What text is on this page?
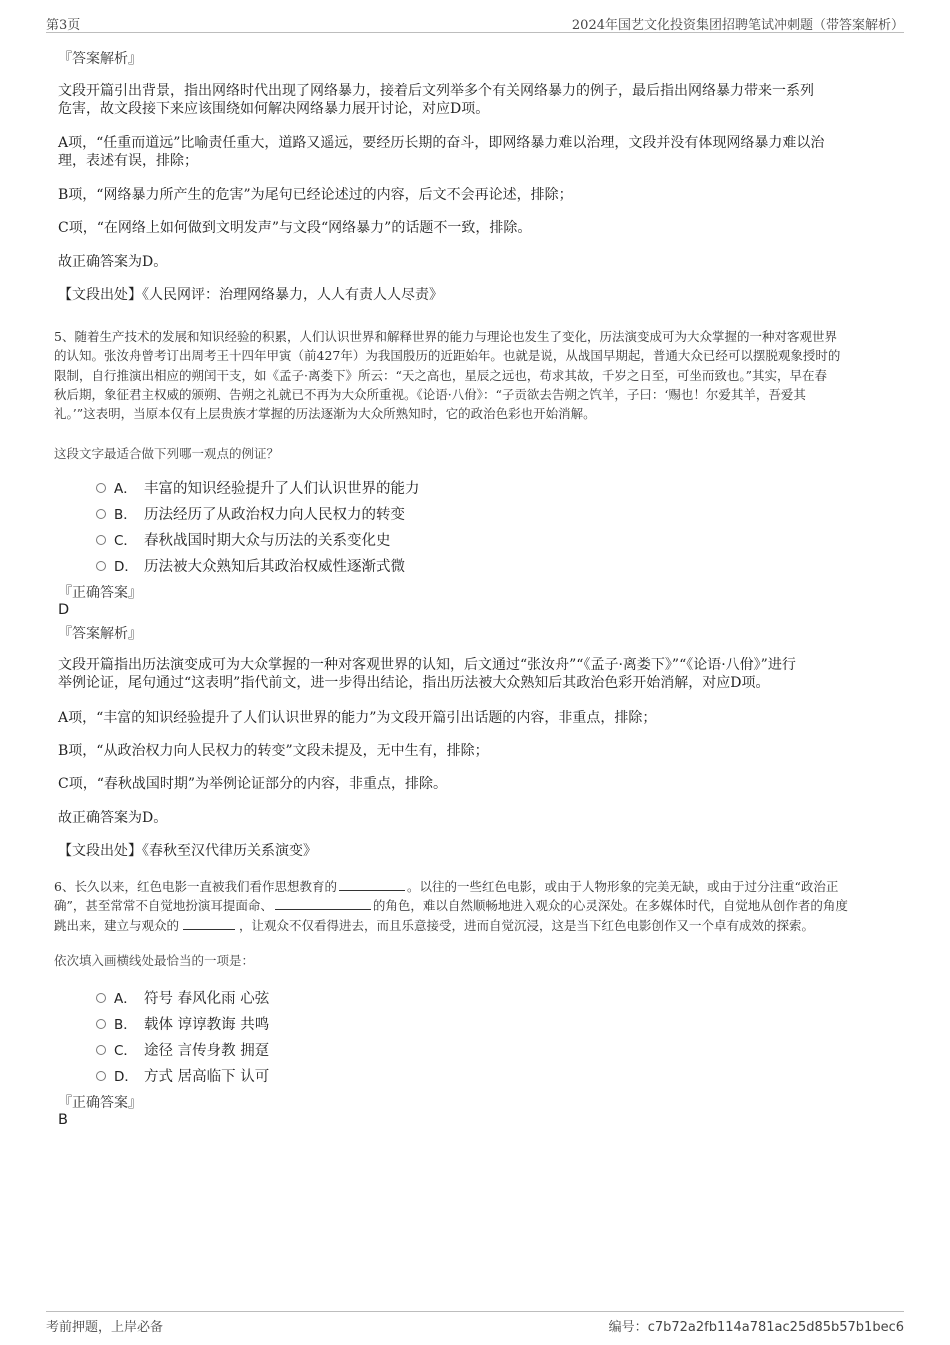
第3页	2024年国艺文化投资集团招聘笔试冲刺题（带答案解析）
『答案解析』
文段开篇引出背景，指出网络时代出现了网络暴力，接着后文列举多个有关网络暴力的例子，最后指出网络暴力带来一系列
危害，故文段接下来应该围绕如何解决网络暴力展开讨论，对应D项。
A项，“任重而道远”比喻责任重大，道路又遥远，要经历长期的奋斗，即网络暴力难以治理，文段并没有体现网络暴力难以治
理，表述有误，排除；
B项，“网络暴力所产生的危害”为尾句已经论述过的内容，后文不会再论述，排除；
C项，“在网络上如何做到文明发声”与文段“网络暴力”的话题不一致，排除。
故正确答案为D。
【文段出处】《人民网评：治理网络暴力，人人有责人人尽责》
5、随着生产技术的发展和知识经验的积累，人们认识世界和解释世界的能力与理论也发生了变化，历法演变成可为大众掌握的一种对客观世界
的认知。张汝舟曾考订出周考王十四年甲寅（前427年）为我国殷历的近距始年。也就是说，从战国早期起，普通大众已经可以摆脱观象授时的
限制，自行推演出相应的朔闰干支，如《孟子·离娄下》所云：“天之高也，星辰之远也，苟求其故，千岁之日至，可坐而致也。”其实，早在春
秋后期，象征君主权威的颁朔、告朔之礼就已不再为大众所重视。《论语·八佾》：“子贡欲去告朔之饩羊，子曰：‘赐也！尔爱其羊，吾爱其
礼。’”这表明，当原本仅有上层贵族才掌握的历法逐渐为大众所熟知时，它的政治色彩也开始消解。
这段文字最适合做下列哪一观点的例证？
A． 丰富的知识经验提升了人们认识世界的能力
B． 历法经历了从政治权力向人民权力的转变
C． 春秋战国时期大众与历法的关系变化史
D． 历法被大众熟知后其政治权威性逐渐式微
『正确答案』
D
『答案解析』
文段开篇指出历法演变成可为大众掌握的一种对客观世界的认知，后文通过“张汝舟”“《孟子·离娄下》”“《论语·八佾》”进行
举例论证，尾句通过“这表明”指代前文，进一步得出结论，指出历法被大众熟知后其政治色彩开始消解，对应D项。
A项，“丰富的知识经验提升了人们认识世界的能力”为文段开篇引出话题的内容，非重点，排除；
B项，“从政治权力向人民权力的转变”文段未提及，无中生有，排除；
C项，“春秋战国时期”为举例论证部分的内容，非重点，排除。
故正确答案为D。
【文段出处】《春秋至汉代律历关系演变》
6、长久以来，红色电影一直被我们看作思想教育的	。以往的一些红色电影，或由于人物形象的完美无缺，或由于过分注重“政治正
确”，甚至常常不自觉地扮演耳提面命、	的角色，难以自然顺畅地进入观众的心灵深处。在多媒体时代，自觉地从创作者的角度
跳出来，建立与观众的	，让观众不仅看得进去，而且乐意接受，进而自觉沉浸，这是当下红色电影创作又一个卓有成效的探索。
依次填入画横线处最恰当的一项是：
A． 符号 春风化雨 心弦
B． 载体 谆谆教诲 共鸣
C． 途径 言传身教 拥趸
D． 方式 居高临下 认可
『正确答案』
B
考前押题，上岸必备	编号：c7b72a2fb114a781ac25d85b57b1bec6
